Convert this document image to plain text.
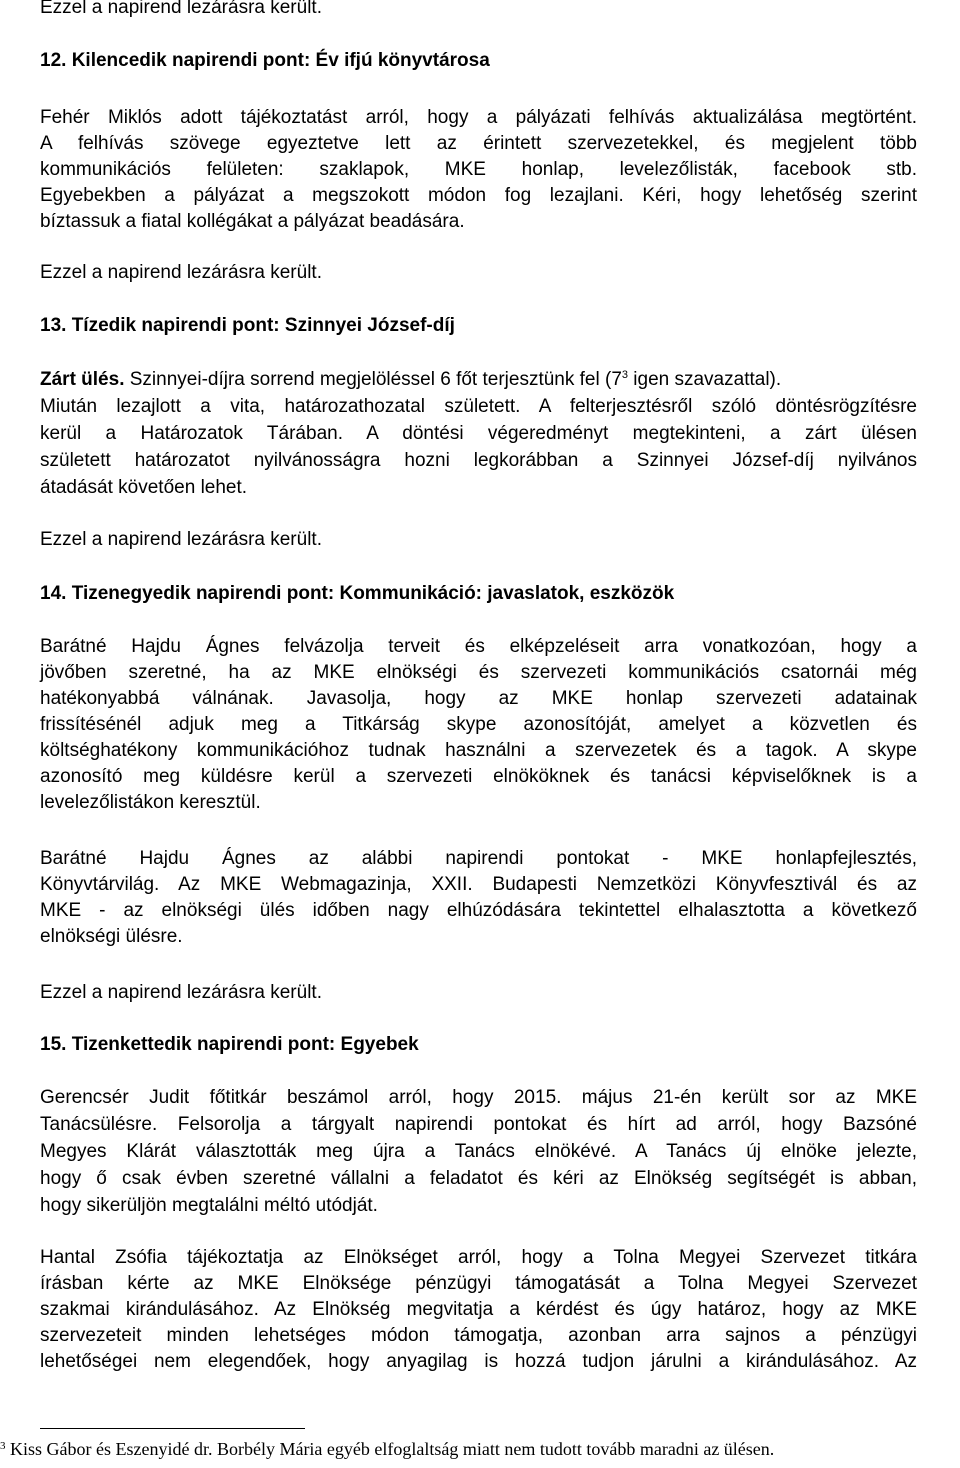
Ezzel a napirend lezárásra került.
12. Kilencedik napirendi pont: Év ifjú könyvtárosa
Fehér Miklós adott tájékoztatást arról, hogy a pályázati felhívás aktualizálása megtörtént.
A felhívás szövege egyeztetve lett az érintett szervezetekkel, és megjelent több
kommunikációs felületen: szaklapok, MKE honlap, levelezőlisták, facebook stb.
Egyebekben a pályázat a megszokott módon fog lezajlani. Kéri, hogy lehetőség szerint
bíztassuk a fiatal kollégákat a pályázat beadására.
Ezzel a napirend lezárásra került.
13. Tízedik napirendi pont: Szinnyei József-díj
Zárt ülés. Szinnyei-díjra sorrend megjelöléssel 6 főt terjesztünk fel ($7^3$ igen szavazattal).
Miután lezajlott a vita, határozathozatal született. A felterjesztésről szóló döntésrögzítésre
kerül a Határozatok Tárában. A döntési végeredményt megtekinteni, a zárt ülésen
született határozatot nyilvánosságra hozni legkorábban a Szinnyei József-díj nyilvános
átadását követően lehet.
Ezzel a napirend lezárásra került.
14. Tizenegyedik napirendi pont: Kommunikáció: javaslatok, eszközök
Barátné Hajdu Ágnes felvázolja terveit és elképzeléseit arra vonatkozóan, hogy a
jövőben szeretné, ha az MKE elnökségi és szervezeti kommunikációs csatornái még
hatékonyabbá válnának. Javasolja, hogy az MKE honlap szervezeti adatainak
frissítésénél adjuk meg a Titkárság skype azonosítóját, amelyet a közvetlen és
költséghatékony kommunikációhoz tudnak használni a szervezetek és a tagok. A skype
azonosító meg küldésre kerül a szervezeti elnököknek és tanácsi képviselőknek is a
levelezőlistákon keresztül.
Barátné Hajdu Ágnes az alábbi napirendi pontokat - MKE honlapfejlesztés,
Könyvtárvilág. Az MKE Webmagazinja, XXII. Budapesti Nemzetközi Könyvfesztivál és az
MKE - az elnökségi ülés időben nagy elhúzódására tekintettel elhalasztotta a következő
elnökségi ülésre.
Ezzel a napirend lezárásra került.
15. Tizenkettedik napirendi pont: Egyebek
Gerencsér Judit főtitkár beszámol arról, hogy 2015. május 21-én került sor az MKE
Tanácsülésre. Felsorolja a tárgyalt napirendi pontokat és hírt ad arról, hogy Bazsóné
Megyes Klárát választották meg újra a Tanács elnökévé. A Tanács új elnöke jelezte,
hogy ő csak évben szeretné vállalni a feladatot és kéri az Elnökség segítségét is abban,
hogy sikerüljön megtalálni méltó utódját.
Hantal Zsófia tájékoztatja az Elnökséget arról, hogy a Tolna Megyei Szervezet titkára
írásban kérte az MKE Elnöksége pénzügyi támogatását a Tolna Megyei Szervezet
szakmai kirándulásához. Az Elnökség megvitatja a kérdést és úgy határoz, hogy az MKE
szervezeteit minden lehetséges módon támogatja, azonban arra sajnos a pénzügyi
lehetőségei nem elegendőek, hogy anyagilag is hozzá tudjon járulni a kirándulásához. Az
$^3$ Kiss Gábor és Eszenyidé dr. Borbély Mária egyéb elfoglaltság miatt nem tudott tovább maradni az ülésen.
